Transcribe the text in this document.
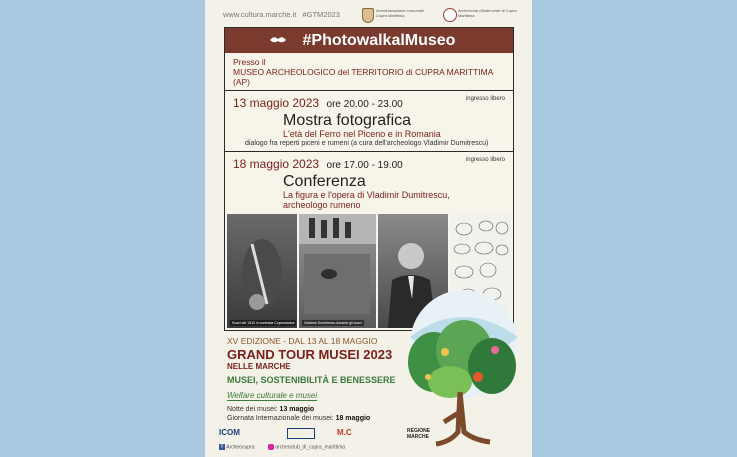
www.cultura.marche.it #GTM2023	Amministrazione comunale Cupra Marittima
Archeoclub d'Italia sede di Cupra Marittima
#PhotowalkalMuseo
Presso il
MUSEO ARCHEOLOGICO del TERRITORIO di CUPRA MARITTIMA (AP)
13 maggio 2023 ore 20.00 - 23.00	ingresso libero
Mostra fotografica
L'età del Ferro nel Piceno e in Romania
dialogo fra reperti piceni e rumeni (a cura dell'archeologo Vladimir Dumitrescu)
18 maggio 2023 ore 17.00 - 19.00	ingresso libero
Conferenza
La figura e l'opera di Vladimir Dumitrescu,
archeologo rumeno
Scavi del 1910 in contrada Cupramarina	Vladimir Dumitrescu durante gli scavi
XV EDIZIONE - DAL 13 AL 18 MAGGIO
GRAND TOUR MUSEI 2023
NELLE MARCHE
MUSEI, SOSTENIBILITÀ E BENESSERE
Welfare culturale e musei
Notte dei musei: 13 maggio
Giornata Internazionale dei musei: 18 maggio
ICOM	M.C	REGIONE MARCHE
f Archeocupra	archeoclub_di_cupra_marittima
